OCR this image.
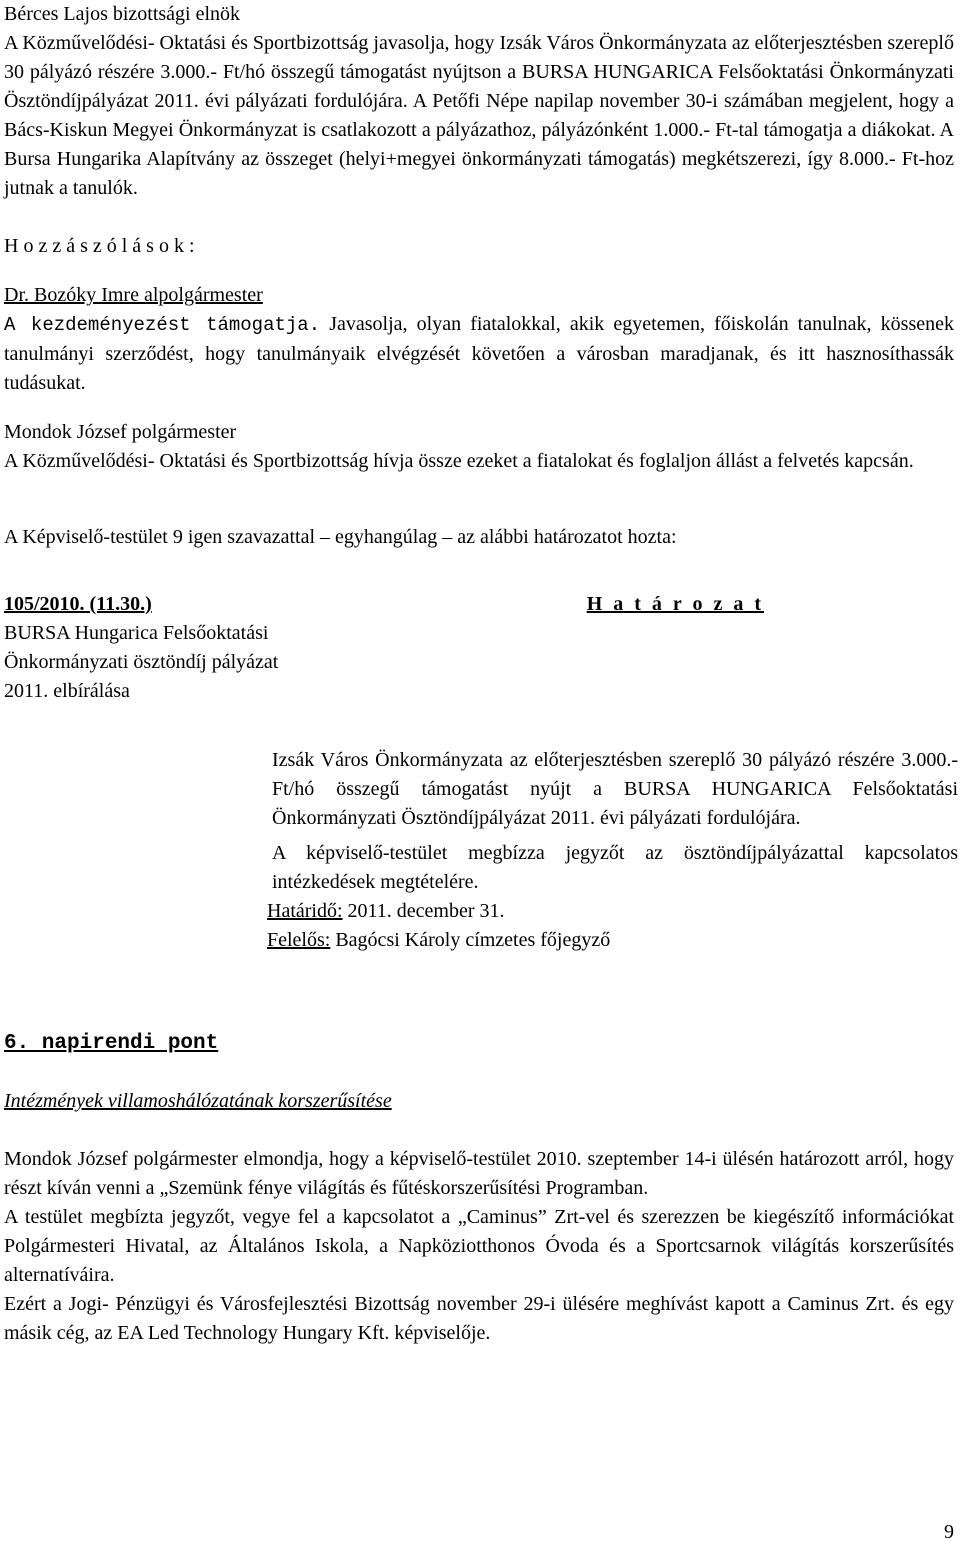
Bérces Lajos bizottsági elnök

A Közművelődési- Oktatási és Sportbizottság javasolja, hogy Izsák Város Önkormányzata az előterjesztésben szereplő 30 pályázó részére 3.000.- Ft/hó összegű támogatást nyújtson a BURSA HUNGARICA Felsőoktatási Önkormányzati Ösztöndíjpályázat 2011. évi pályázati fordulójára. A Petőfi Népe napilap november 30-i számában megjelent, hogy a Bács-Kiskun Megyei Önkormányzat is csatlakozott a pályázathoz, pályázónként 1.000.- Ft-tal támogatja a diákokat. A Bursa Hungarika Alapítvány az összeget (helyi+megyei önkormányzati támogatás) megkétszerezi, így 8.000.- Ft-hoz jutnak a tanulók.

H o z z á s z ó l á s o k :

Dr. Bozóky Imre alpolgármester

A kezdeményezést támogatja. Javasolja, olyan fiatalokkal, akik egyetemen, főiskolán tanulnak, kössenek tanulmányi szerződést, hogy tanulmányaik elvégzését követően a városban maradjanak, és itt hasznosíthassák tudásukat.

Mondok József polgármester

A Közművelődési- Oktatási és Sportbizottság hívja össze ezeket a fiatalokat és foglaljon állást a felvetés kapcsán.

A Képviselő-testület 9 igen szavazattal – egyhangúlag – az alábbi határozatot hozta:

105/2010. (11.30.)	H a t á r o z a t

BURSA Hungarica Felsőoktatási

Önkormányzati ösztöndíj pályázat

2011. elbírálása

Izsák Város Önkormányzata az előterjesztésben szereplő 30 pályázó részére 3.000.- Ft/hó összegű támogatást nyújt a BURSA HUNGARICA Felsőoktatási Önkormányzati Ösztöndíjpályázat 2011. évi pályázati fordulójára.

A képviselő-testület megbízza jegyzőt az ösztöndíjpályázattal kapcsolatos intézkedések megtételére.

Határidő: 2011. december 31.

Felelős: Bagócsi Károly címzetes főjegyző

6. napirendi pont

Intézmények villamoshálózatának korszerűsítése

Mondok József polgármester elmondja, hogy a képviselő-testület 2010. szeptember 14-i ülésén határozott arról, hogy részt kíván venni a „Szemünk fénye világítás és fűtéskorszerűsítési Programban.

A testület megbízta jegyzőt, vegye fel a kapcsolatot a „Caminus” Zrt-vel és szerezzen be kiegészítő információkat Polgármesteri Hivatal, az Általános Iskola, a Napköziotthonos Óvoda és a Sportcsarnok világítás korszerűsítés alternatíváira.

Ezért a Jogi- Pénzügyi és Városfejlesztési Bizottság november 29-i ülésére meghívást kapott a Caminus Zrt. és egy másik cég, az EA Led Technology Hungary Kft. képviselője.

9
